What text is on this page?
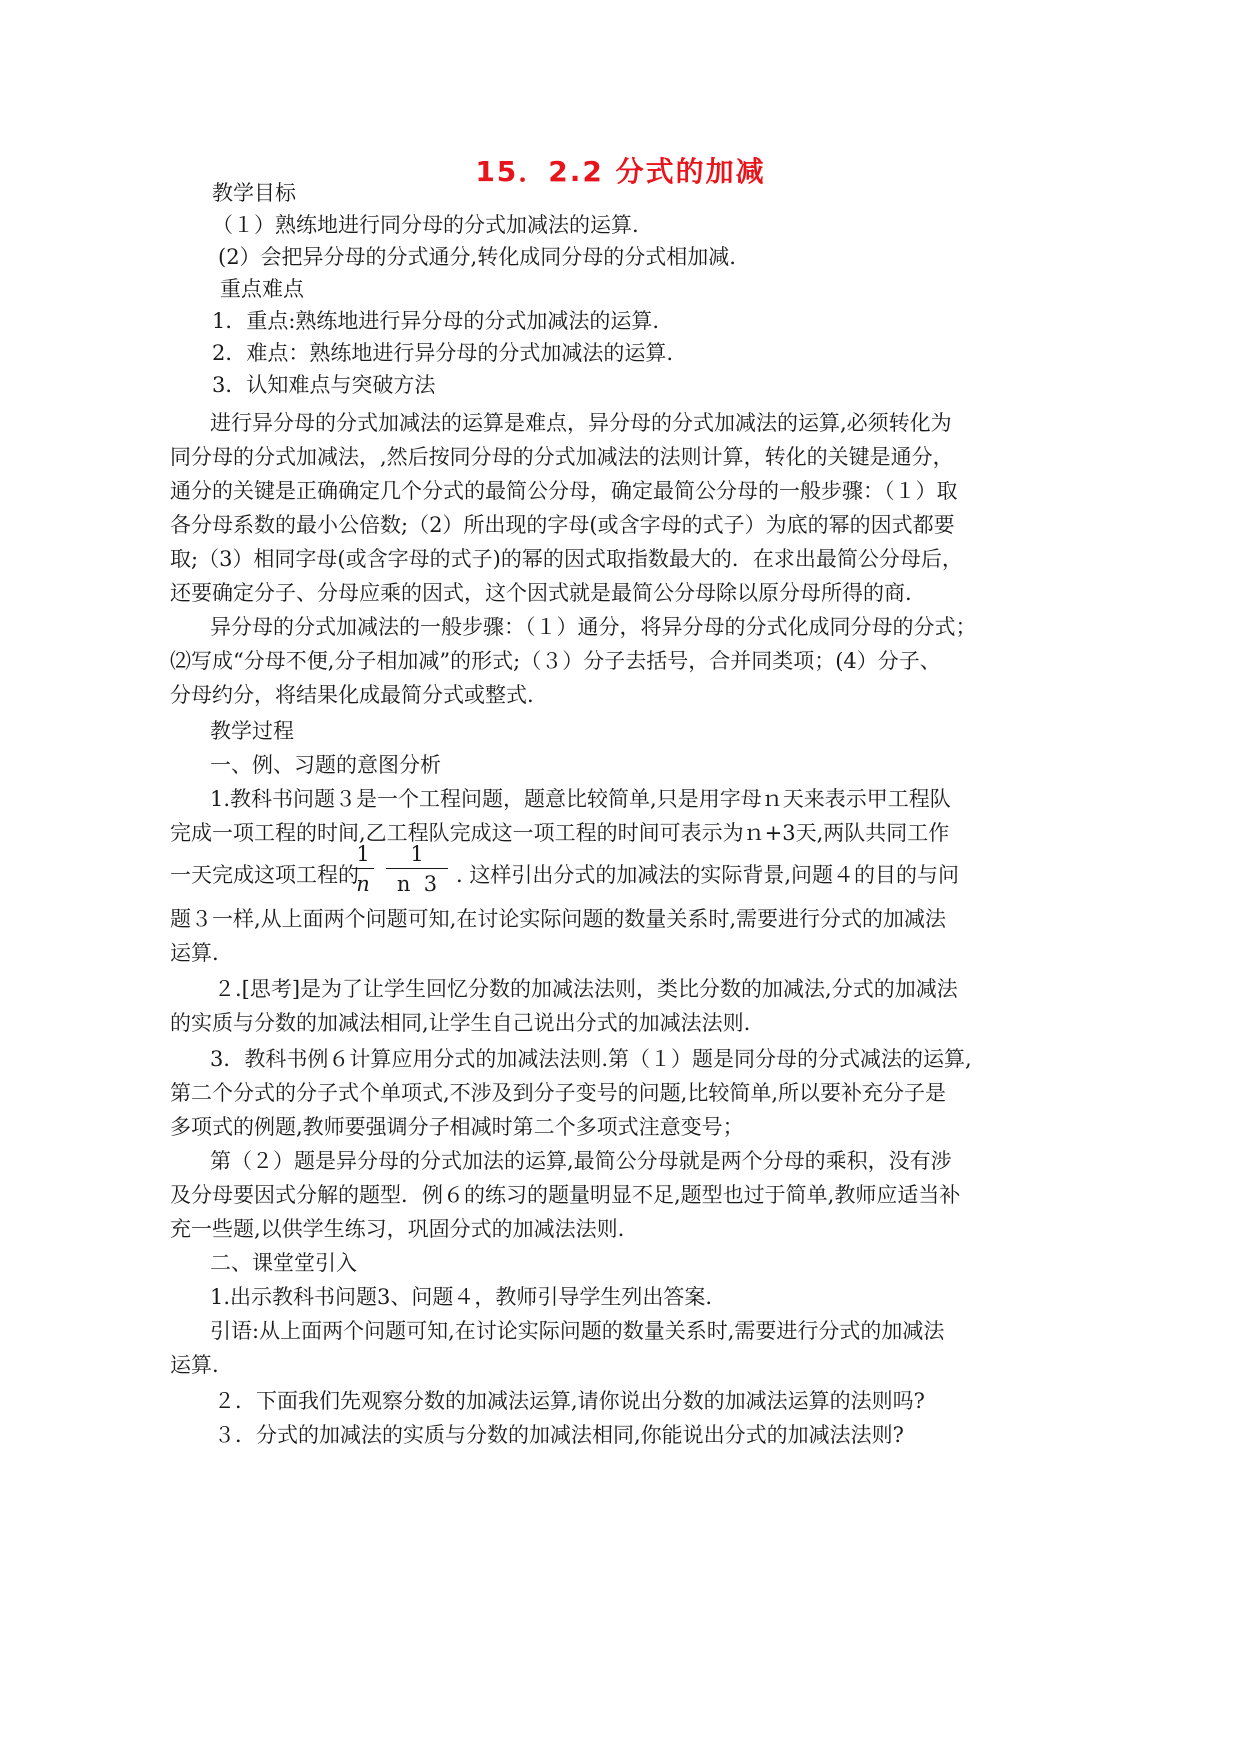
15．2.2 分式的加减
教学目标
（１）熟练地进行同分母的分式加减法的运算.
(2）会把异分母的分式通分,转化成同分母的分式相加减.
重点难点
1．重点:熟练地进行异分母的分式加减法的运算.
2．难点：熟练地进行异分母的分式加减法的运算.
3．认知难点与突破方法
进行异分母的分式加减法的运算是难点，异分母的分式加减法的运算,必须转化为
同分母的分式加减法，,然后按同分母的分式加减法的法则计算，转化的关键是通分，
通分的关键是正确确定几个分式的最简公分母，确定最简公分母的一般步骤：（１）取
各分母系数的最小公倍数;（2）所出现的字母(或含字母的式子）为底的幂的因式都要
取;（3）相同字母(或含字母的式子)的幂的因式取指数最大的．在求出最简公分母后，
还要确定分子、分母应乘的因式，这个因式就是最简公分母除以原分母所得的商.
异分母的分式加减法的一般步骤：（１）通分，将异分母的分式化成同分母的分式；
⑵写成“分母不便,分子相加减”的形式;（３）分子去括号，合并同类项；(4）分子、
分母约分，将结果化成最简分式或整式.
教学过程
一、例、习题的意图分析
1.教科书问题３是一个工程问题，题意比较简单,只是用字母ｎ天来表示甲工程队
完成一项工程的时间,乙工程队完成这一项工程的时间可表示为ｎ+3天,两队共同工作
一天完成这项工程的
1
n
1
n  3 . 这样引出分式的加减法的实际背景,问题４的目的与问
题３一样,从上面两个问题可知,在讨论实际问题的数量关系时,需要进行分式的加减法
运算.
２.[思考]是为了让学生回忆分数的加减法法则，类比分数的加减法,分式的加减法
的实质与分数的加减法相同,让学生自己说出分式的加减法法则.
3．教科书例６计算应用分式的加减法法则.第（１）题是同分母的分式减法的运算,
第二个分式的分子式个单项式,不涉及到分子变号的问题,比较简单,所以要补充分子是
多项式的例题,教师要强调分子相减时第二个多项式注意变号；
第（２）题是异分母的分式加法的运算,最简公分母就是两个分母的乘积，没有涉
及分母要因式分解的题型．例６的练习的题量明显不足,题型也过于简单,教师应适当补
充一些题,以供学生练习，巩固分式的加减法法则.
二、课堂堂引入
1.出示教科书问题3、问题４，教师引导学生列出答案.
引语:从上面两个问题可知,在讨论实际问题的数量关系时,需要进行分式的加减法
运算.
２．下面我们先观察分数的加减法运算,请你说出分数的加减法运算的法则吗?
３．分式的加减法的实质与分数的加减法相同,你能说出分式的加减法法则?
